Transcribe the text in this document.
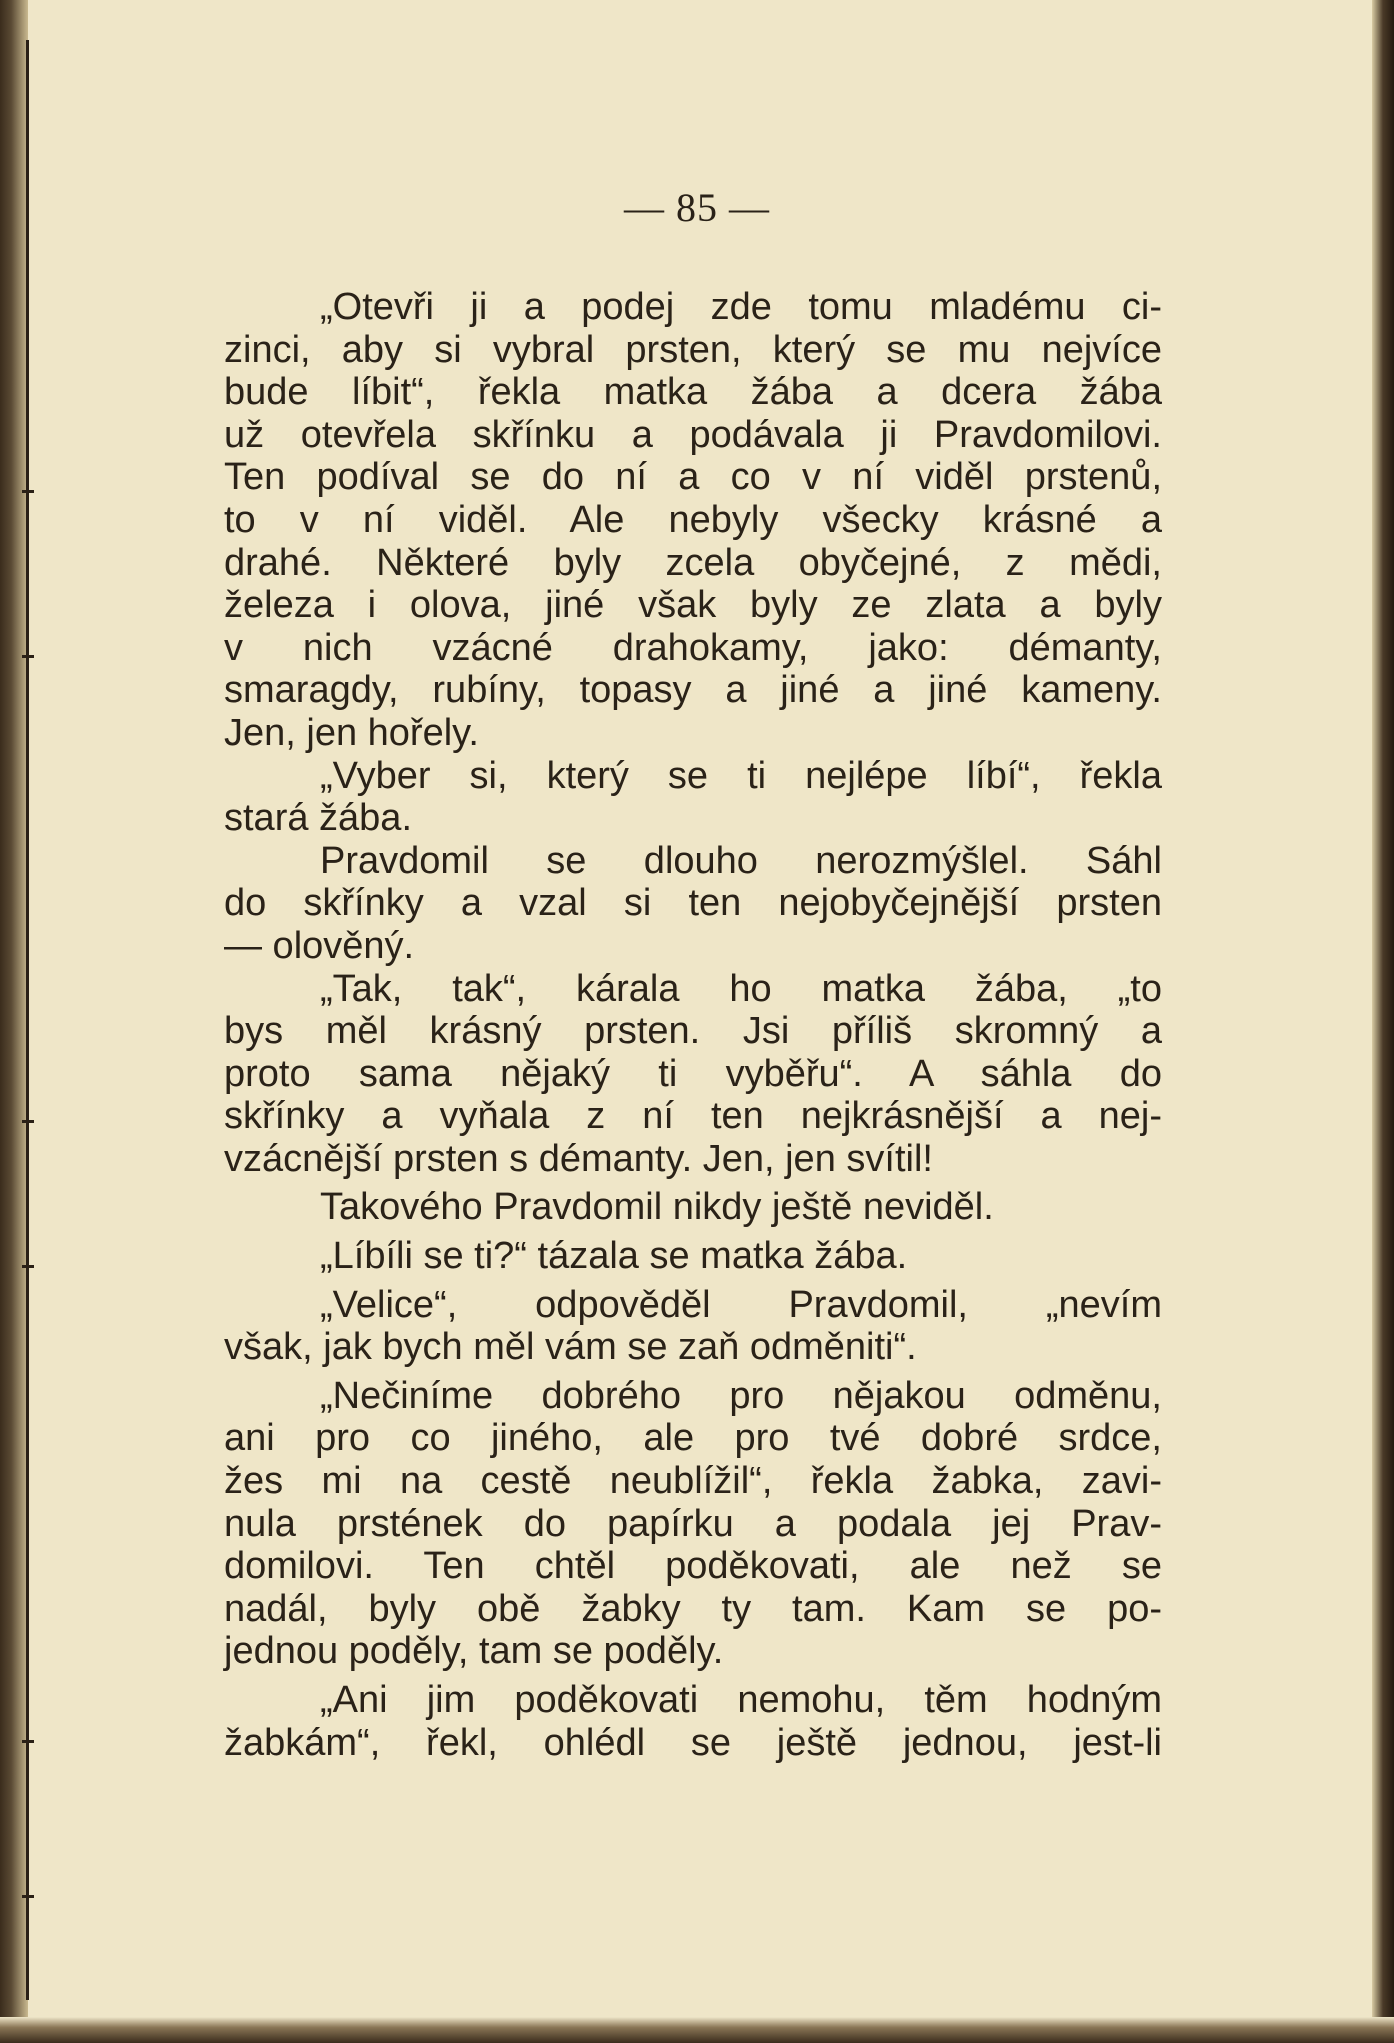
— 85 —

„Otevři ji a podej zde tomu mladému ci-

zinci, aby si vybral prsten, který se mu nejvíce

bude líbit“, řekla matka žába a dcera žába

už otevřela skřínku a podávala ji Pravdomilovi.

Ten podíval se do ní a co v ní viděl prstenů,

to v ní viděl. Ale nebyly všecky krásné a

drahé. Některé byly zcela obyčejné, z mědi,

železa i olova, jiné však byly ze zlata a byly

v nich vzácné drahokamy, jako: démanty,

smaragdy, rubíny, topasy a jiné a jiné kameny.

Jen, jen hořely.

„Vyber si, který se ti nejlépe líbí“, řekla

stará žába.

Pravdomil se dlouho nerozmýšlel. Sáhl

do skřínky a vzal si ten nejobyčejnější prsten

— olověný.

„Tak, tak“, kárala ho matka žába, „to

bys měl krásný prsten. Jsi příliš skromný a

proto sama nějaký ti vyběřu“. A sáhla do

skřínky a vyňala z ní ten nejkrásnější a nej-

vzácnější prsten s démanty. Jen, jen svítil!

Takového Pravdomil nikdy ještě neviděl.

„Líbíli se ti?“ tázala se matka žába.

„Velice“, odpověděl Pravdomil, „nevím

však, jak bych měl vám se zaň odměniti“.

„Nečiníme dobrého pro nějakou odměnu,

ani pro co jiného, ale pro tvé dobré srdce,

žes mi na cestě neublížil“, řekla žabka, zavi-

nula prstének do papírku a podala jej Prav-

domilovi. Ten chtěl poděkovati, ale než se

nadál, byly obě žabky ty tam. Kam se po-

jednou poděly, tam se poděly.

„Ani jim poděkovati nemohu, těm hodným

žabkám“, řekl, ohlédl se ještě jednou, jest-li
